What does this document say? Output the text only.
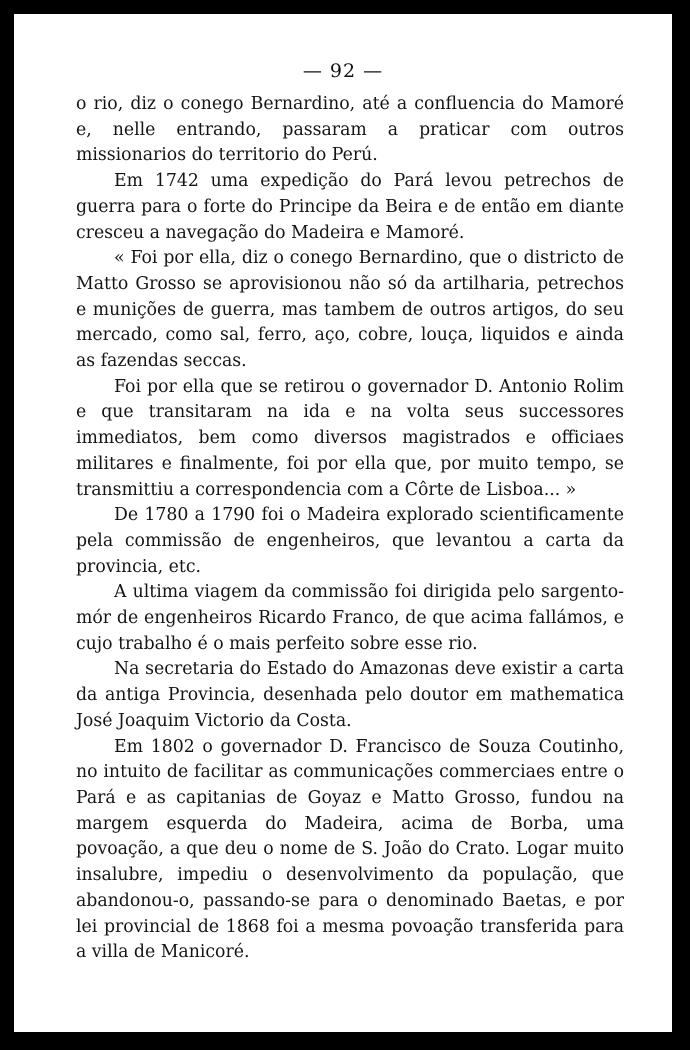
— 92 —

o rio, diz o conego Bernardino, até a confluencia do Mamoré e, nelle entrando, passaram a praticar com outros missionarios do territorio do Perú.

Em 1742 uma expedição do Pará levou petrechos de guerra para o forte do Principe da Beira e de então em diante cresceu a navegação do Madeira e Mamoré.

« Foi por ella, diz o conego Bernardino, que o districto de Matto Grosso se aprovisionou não só da artilharia, petrechos e munições de guerra, mas tambem de outros artigos, do seu mercado, como sal, ferro, aço, cobre, louça, liquidos e ainda as fazendas seccas.

Foi por ella que se retirou o governador D. Antonio Rolim e que transitaram na ida e na volta seus successores immediatos, bem como diversos magistrados e officiaes militares e finalmente, foi por ella que, por muito tempo, se transmittiu a correspondencia com a Côrte de Lisboa... »

De 1780 a 1790 foi o Madeira explorado scientificamente pela commissão de engenheiros, que levantou a carta da provincia, etc.

A ultima viagem da commissão foi dirigida pelo sargento-mór de engenheiros Ricardo Franco, de que acima fallámos, e cujo trabalho é o mais perfeito sobre esse rio.

Na secretaria do Estado do Amazonas deve existir a carta da antiga Provincia, desenhada pelo doutor em mathematica José Joaquim Victorio da Costa.

Em 1802 o governador D. Francisco de Souza Coutinho, no intuito de facilitar as communicações commerciaes entre o Pará e as capitanias de Goyaz e Matto Grosso, fundou na margem esquerda do Madeira, acima de Borba, uma povoação, a que deu o nome de S. João do Crato. Logar muito insalubre, impediu o desenvolvimento da população, que abandonou-o, passando-se para o denominado Baetas, e por lei provincial de 1868 foi a mesma povoação transferida para a villa de Manicoré.
